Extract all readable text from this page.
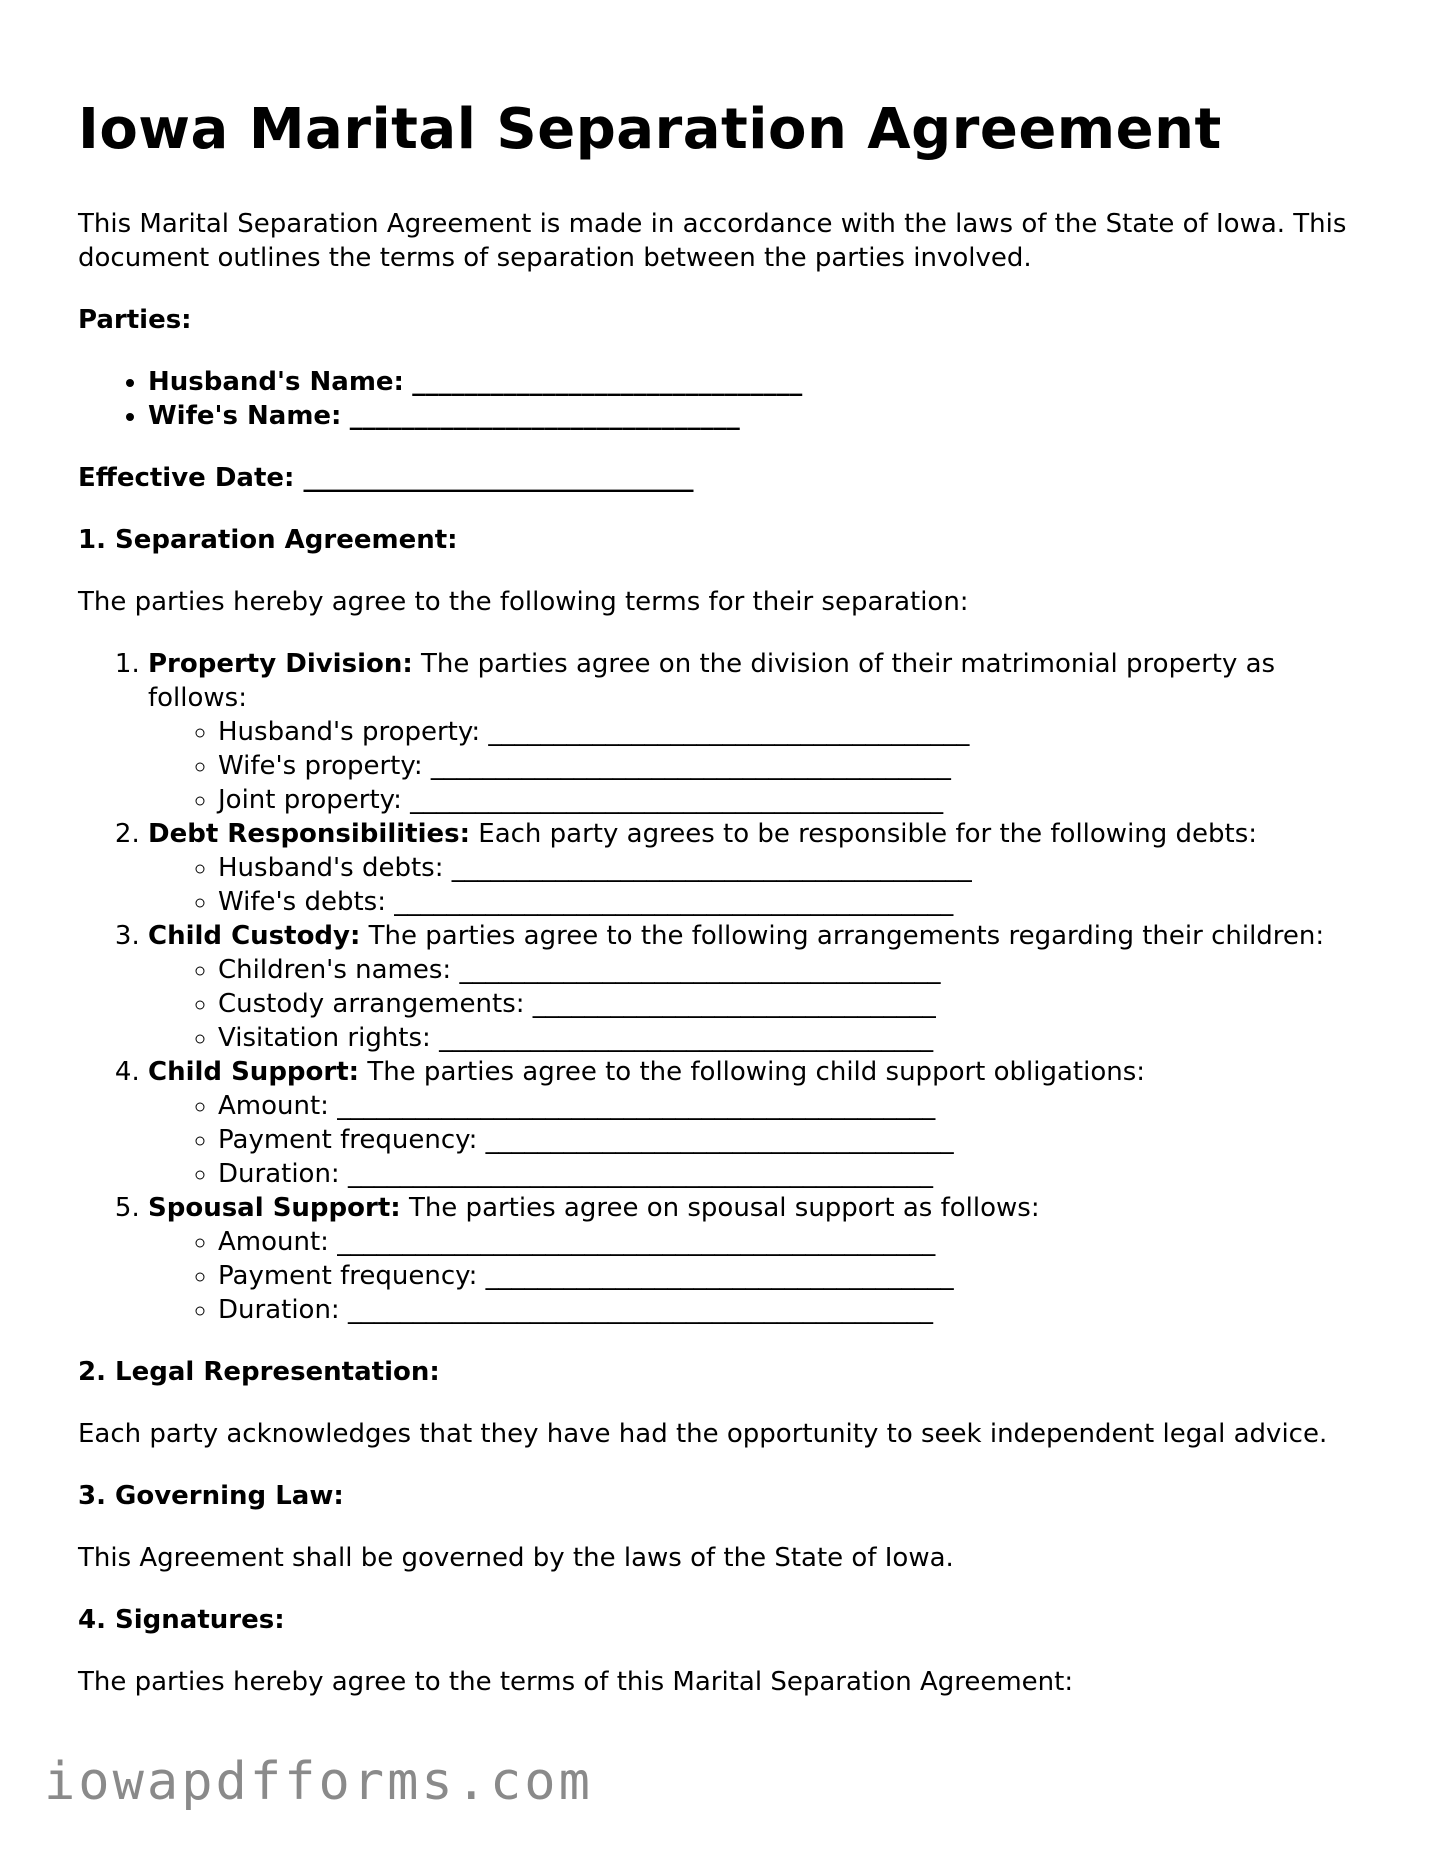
Iowa Marital Separation Agreement

This Marital Separation Agreement is made in accordance with the laws of the State of Iowa. This document outlines the terms of separation between the parties involved.

Parties:

• Husband's Name: ______________________________
• Wife's Name: ______________________________

Effective Date: ______________________________

1. Separation Agreement:

The parties hereby agree to the following terms for their separation:

1. Property Division: The parties agree on the division of their matrimonial property as follows:
◦ Husband's property: _____________________________________
◦ Wife's property: ________________________________________
◦ Joint property: _________________________________________
2. Debt Responsibilities: Each party agrees to be responsible for the following debts:
◦ Husband's debts: ________________________________________
◦ Wife's debts: ___________________________________________
3. Child Custody: The parties agree to the following arrangements regarding their children:
◦ Children's names: _____________________________________
◦ Custody arrangements: _______________________________
◦ Visitation rights: ______________________________________
4. Child Support: The parties agree to the following child support obligations:
◦ Amount: ______________________________________________
◦ Payment frequency: ____________________________________
◦ Duration: _____________________________________________
5. Spousal Support: The parties agree on spousal support as follows:
◦ Amount: ______________________________________________
◦ Payment frequency: ____________________________________
◦ Duration: _____________________________________________

2. Legal Representation:

Each party acknowledges that they have had the opportunity to seek independent legal advice.

3. Governing Law:

This Agreement shall be governed by the laws of the State of Iowa.

4. Signatures:

The parties hereby agree to the terms of this Marital Separation Agreement:

iowapdfforms.com
